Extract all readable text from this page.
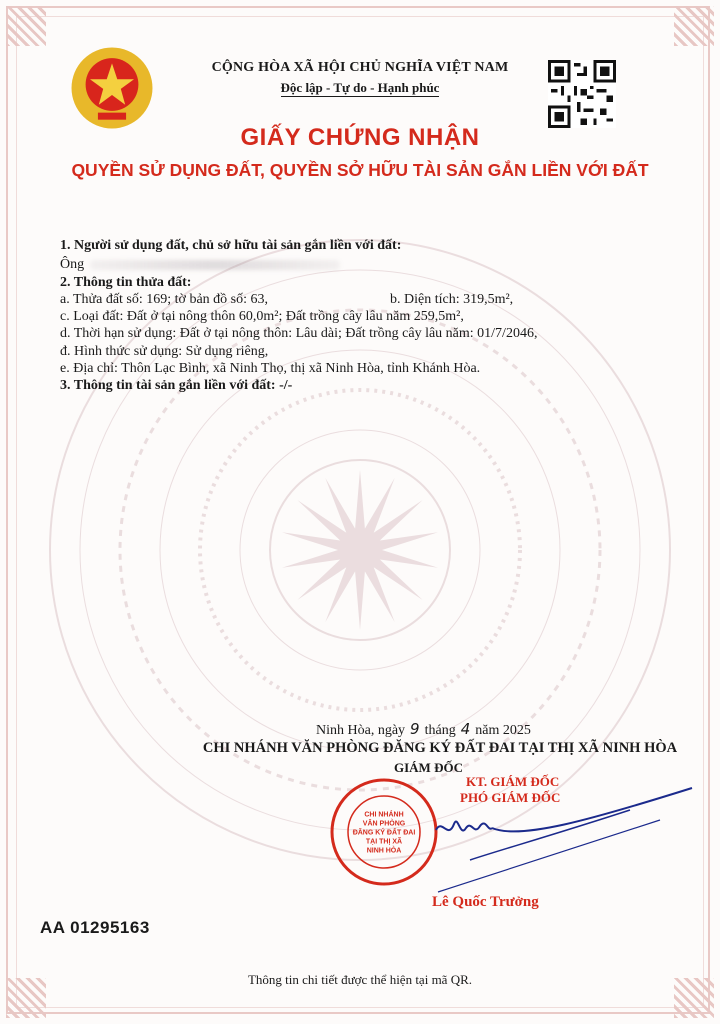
CỘNG HÒA XÃ HỘI CHỦ NGHĨA VIỆT NAM
Độc lập - Tự do - Hạnh phúc
GIẤY CHỨNG NHẬN
QUYỀN SỬ DỤNG ĐẤT, QUYỀN SỞ HỮU TÀI SẢN GẮN LIỀN VỚI ĐẤT
1. Người sử dụng đất, chủ sở hữu tài sản gắn liền với đất:
Ông
2. Thông tin thửa đất:
a. Thửa đất số: 169; tờ bản đồ số: 63,	b. Diện tích: 319,5m²,
c. Loại đất: Đất ở tại nông thôn 60,0m²; Đất trồng cây lâu năm 259,5m²,
d. Thời hạn sử dụng: Đất ở tại nông thôn: Lâu dài; Đất trồng cây lâu năm: 01/7/2046,
đ. Hình thức sử dụng: Sử dụng riêng,
e. Địa chỉ: Thôn Lạc Bình, xã Ninh Thọ, thị xã Ninh Hòa, tỉnh Khánh Hòa.
3. Thông tin tài sản gắn liền với đất: -/-
Ninh Hòa, ngày 9 tháng 4 năm 2025
CHI NHÁNH VĂN PHÒNG ĐĂNG KÝ ĐẤT ĐAI TẠI THỊ XÃ NINH HÒA
GIÁM ĐỐC
KT. GIÁM ĐỐC
PHÓ GIÁM ĐỐC
CHI NHÁNH
VĂN PHÒNG
ĐĂNG KÝ ĐẤT ĐAI
TẠI THỊ XÃ
NINH HÒA
Lê Quốc Trưởng
AA 01295163
Thông tin chi tiết được thể hiện tại mã QR.
